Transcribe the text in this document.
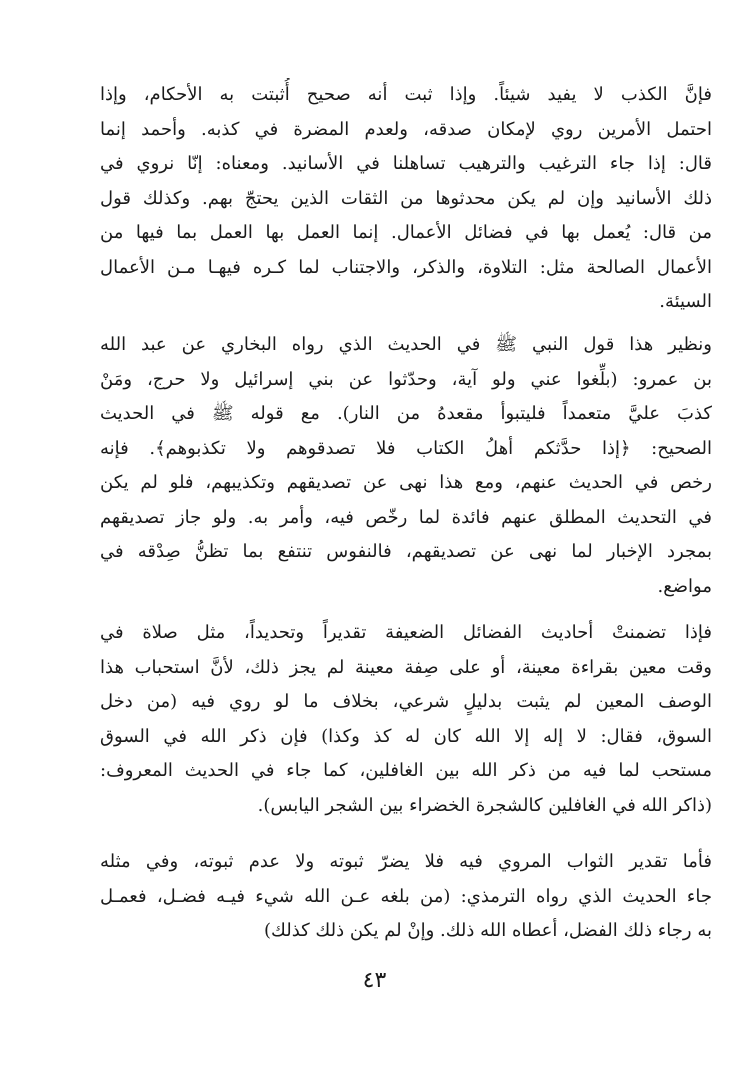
فإنَّ الكذب لا يفيد شيئاً. وإذا ثبت أنه صحيح أُثبتت به الأحكام، وإذا
احتمل الأمرين روي لإمكان صدقه، ولعدم المضرة في كذبه. وأحمد إنما
قال: إذا جاء الترغيب والترهيب تساهلنا في الأسانيد. ومعناه: إنّا نروي في
ذلك الأسانيد وإن لم يكن محدثوها من الثقات الذين يحتجّ بهم. وكذلك قول
من قال: يُعمل بها في فضائل الأعمال. إنما العمل بها العمل بما فيها من
الأعمال الصالحة مثل: التلاوة، والذكر، والاجتناب لما كـره فيهـا مـن الأعمال
السيئة.
ونظير هذا قول النبي ﷺ في الحديث الذي رواه البخاري عن عبد الله
بن عمرو: (بلِّغوا عني ولو آية، وحدّثوا عن بني إسرائيل ولا حرج، ومَنْ
كذبَ عليَّ متعمداً فليتبوأ مقعدهُ من النار). مع قوله ﷺ في الحديث
الصحيح: ﴿إذا حدَّثكم أهلُ الكتاب فلا تصدقوهم ولا تكذبوهم﴾. فإنه
رخص في الحديث عنهم، ومع هذا نهى عن تصديقهم وتكذيبهم، فلو لم يكن
في التحديث المطلق عنهم فائدة لما رخّص فيه، وأمر به. ولو جاز تصديقهم
بمجرد الإخبار لما نهى عن تصديقهم، فالنفوس تنتفع بما تظنُّ صِدْقه في
مواضع.
فإذا تضمنتْ أحاديث الفضائل الضعيفة تقديراً وتحديداً، مثل صلاة في
وقت معين بقراءة معينة، أو على صِفة معينة لم يجز ذلك، لأنَّ استحباب هذا
الوصف المعين لم يثبت بدليلٍ شرعي، بخلاف ما لو روي فيه (من دخل
السوق، فقال: لا إله إلا الله كان له كذ وكذا) فإن ذكر الله في السوق
مستحب لما فيه من ذكر الله بين الغافلين، كما جاء في الحديث المعروف:
(ذاكر الله في الغافلين كالشجرة الخضراء بين الشجر اليابس).
فأما تقدير الثواب المروي فيه فلا يضرّ ثبوته ولا عدم ثبوته، وفي مثله
جاء الحديث الذي رواه الترمذي: (من بلغه عـن الله شيء فيـه فضـل، فعمـل
به رجاء ذلك الفضل، أعطاه الله ذلك. وإنْ لم يكن ذلك كذلك)
٤٣
